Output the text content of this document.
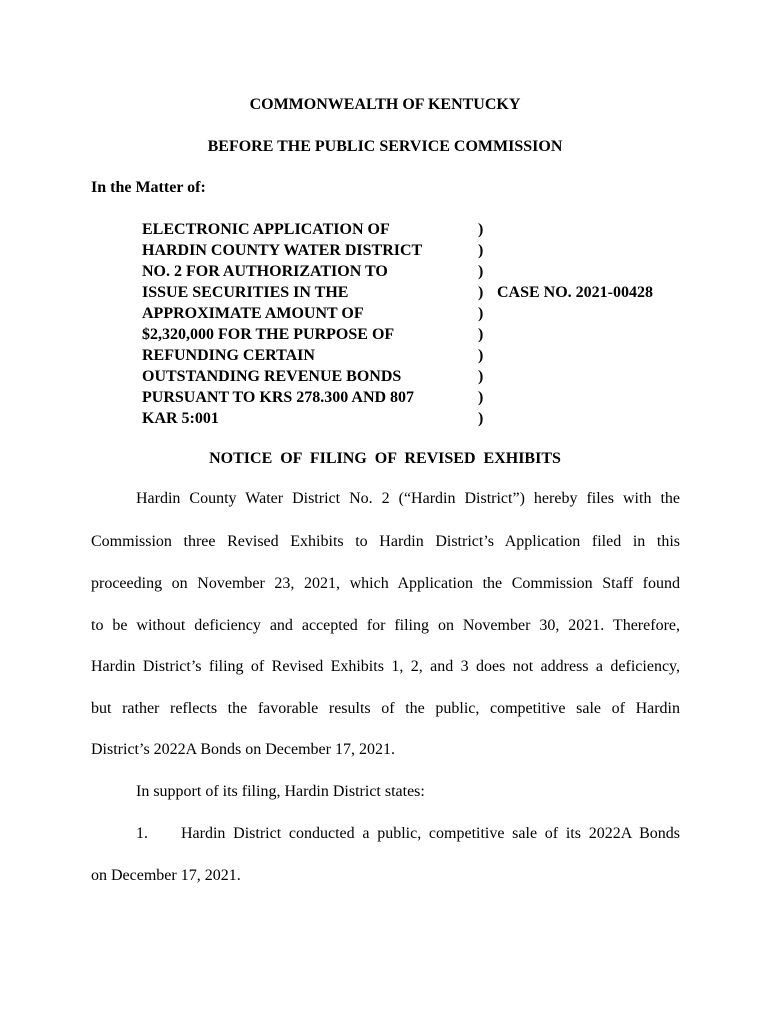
COMMONWEALTH OF KENTUCKY
BEFORE THE PUBLIC SERVICE COMMISSION
In the Matter of:
ELECTRONIC APPLICATION OF
HARDIN COUNTY WATER DISTRICT
NO. 2 FOR AUTHORIZATION TO
ISSUE SECURITIES IN THE
APPROXIMATE AMOUNT OF
$2,320,000 FOR THE PURPOSE OF
REFUNDING CERTAIN
OUTSTANDING REVENUE BONDS
PURSUANT TO KRS 278.300 AND 807
KAR 5:001
)
)
)
)
)
)
)
)
)
)
CASE NO. 2021-00428
NOTICE OF FILING OF REVISED EXHIBITS
Hardin County Water District No. 2 (“Hardin District”) hereby files with the
Commission three Revised Exhibits to Hardin District’s Application filed in this
proceeding on November 23, 2021, which Application the Commission Staff found
to be without deficiency and accepted for filing on November 30, 2021. Therefore,
Hardin District’s filing of Revised Exhibits 1, 2, and 3 does not address a deficiency,
but rather reflects the favorable results of the public, competitive sale of Hardin
District’s 2022A Bonds on December 17, 2021.
In support of its filing, Hardin District states:
1. Hardin District conducted a public, competitive sale of its 2022A Bonds
on December 17, 2021.
